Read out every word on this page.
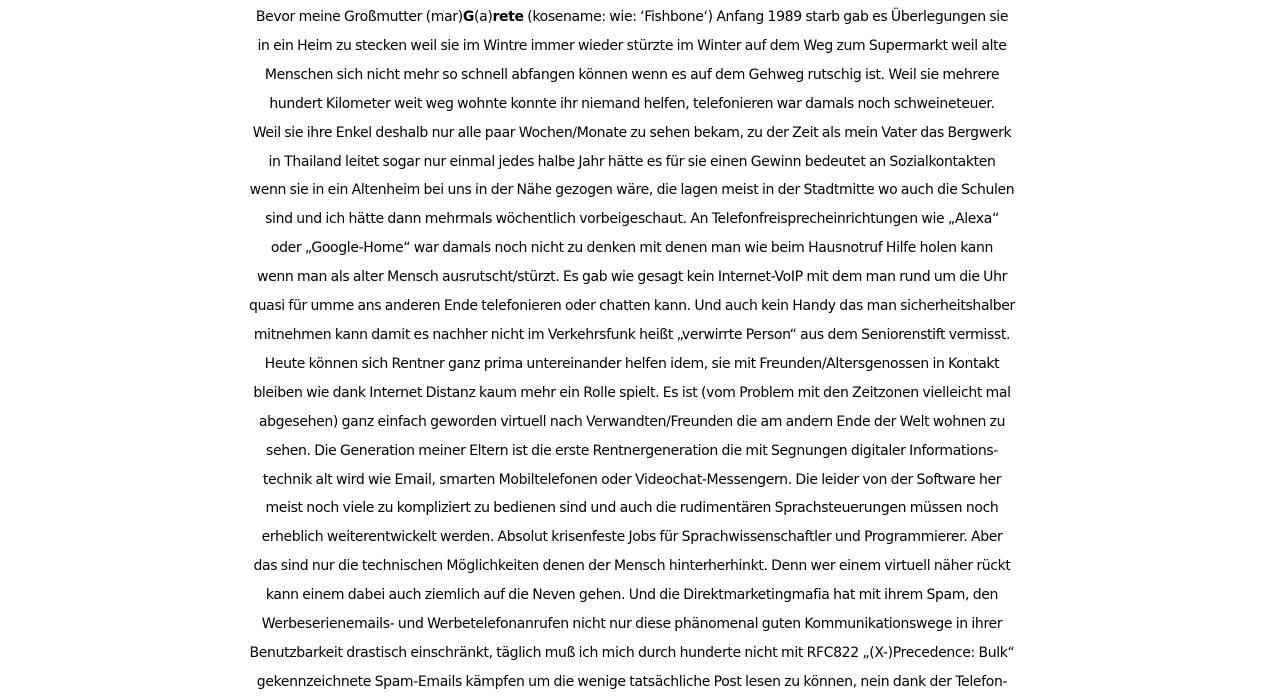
Bevor meine Großmutter (mar)G(a)rete (kosename: wie: ‘Fishbone‘) Anfang 1989 starb gab es Überlegungen sie
in ein Heim zu stecken weil sie im Wintre immer wieder stürzte im Winter auf dem Weg zum Supermarkt weil alte
Menschen sich nicht mehr so schnell abfangen können wenn es auf dem Gehweg rutschig ist. Weil sie mehrere
hundert Kilometer weit weg wohnte konnte ihr niemand helfen, telefonieren war damals noch schweineteuer.
Weil sie ihre Enkel deshalb nur alle paar Wochen/Monate zu sehen bekam, zu der Zeit als mein Vater das Bergwerk
in Thailand leitet sogar nur einmal jedes halbe Jahr hätte es für sie einen Gewinn bedeutet an Sozialkontakten
wenn sie in ein Altenheim bei uns in der Nähe gezogen wäre, die lagen meist in der Stadtmitte wo auch die Schulen
sind und ich hätte dann mehrmals wöchentlich vorbeigeschaut. An Telefonfreisprecheinrichtungen wie „Alexa“
oder „Google-Home“ war damals noch nicht zu denken mit denen man wie beim Hausnotruf Hilfe holen kann
wenn man als alter Mensch ausrutscht/stürzt. Es gab wie gesagt kein Internet-VoIP mit dem man rund um die Uhr
quasi für umme ans anderen Ende telefonieren oder chatten kann. Und auch kein Handy das man sicherheitshalber
mitnehmen kann damit es nachher nicht im Verkehrsfunk heißt „verwirrte Person“ aus dem Seniorenstift vermisst.
Heute können sich Rentner ganz prima untereinander helfen idem, sie mit Freunden/Altersgenossen in Kontakt
bleiben wie dank Internet Distanz kaum mehr ein Rolle spielt. Es ist (vom Problem mit den Zeitzonen vielleicht mal
abgesehen) ganz einfach geworden virtuell nach Verwandten/Freunden die am andern Ende der Welt wohnen zu
sehen. Die Generation meiner Eltern ist die erste Rentnergeneration die mit Segnungen digitaler Informations-
technik alt wird wie Email, smarten Mobiltelefonen oder Videochat-Messengern. Die leider von der Software her
meist noch viele zu kompliziert zu bedienen sind und auch die rudimentären Sprachsteuerungen müssen noch
erheblich weiterentwickelt werden. Absolut krisenfeste Jobs für Sprachwissenschaftler und Programmierer. Aber
das sind nur die technischen Möglichkeiten denen der Mensch hinterherhinkt. Denn wer einem virtuell näher rückt
kann einem dabei auch ziemlich auf die Neven gehen. Und die Direktmarketingmafia hat mit ihrem Spam, den
Werbeserienemails- und Werbetelefonanrufen nicht nur diese phänomenal guten Kommunikationswege in ihrer
Benutzbarkeit drastisch einschränkt, täglich muß ich mich durch hunderte nicht mit RFC822 „(X-)Precedence: Bulk“
gekennzeichnete Spam-Emails kämpfen um die wenige tatsächliche Post lesen zu können, nein dank der Telefon-
